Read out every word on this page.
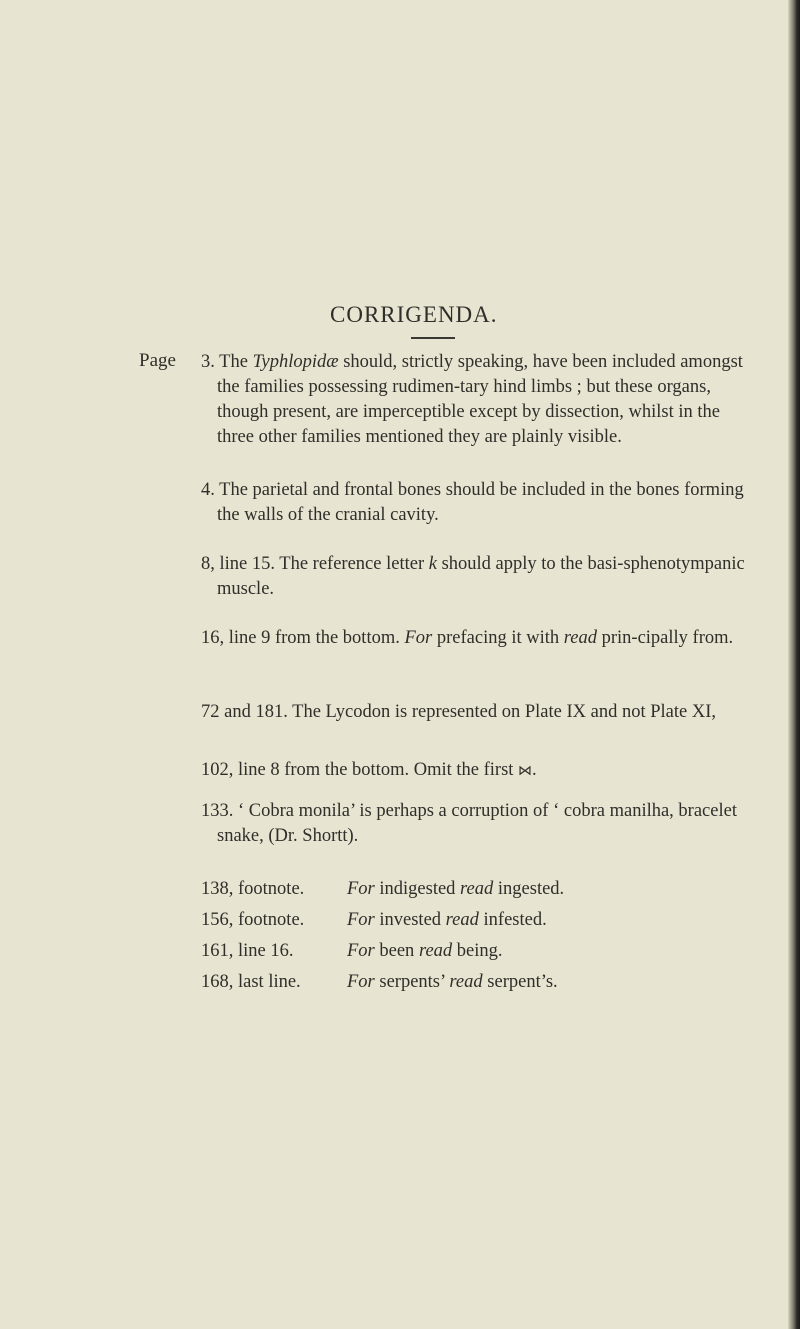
CORRIGENDA.
Page 3. The Typhlopidæ should, strictly speaking, have been included amongst the families possessing rudimen-tary hind limbs ; but these organs, though present, are imperceptible except by dissection, whilst in the three other families mentioned they are plainly visible.
4. The parietal and frontal bones should be included in the bones forming the walls of the cranial cavity.
8, line 15. The reference letter k should apply to the basi-sphenotympanic muscle.
16, line 9 from the bottom. For prefacing it with read prin-cipally from.
72 and 181. The Lycodon is represented on Plate IX and not Plate XI,
102, line 8 from the bottom. Omit the first ⋈.
133. ‘ Cobra monila’ is perhaps a corruption of ‘ cobra manilha, bracelet snake, (Dr. Shortt).
138, footnote. For indigested read ingested.
156, footnote. For invested read infested.
161, line 16.	For been read being.
168, last line.	For serpents’ read serpent’s.
